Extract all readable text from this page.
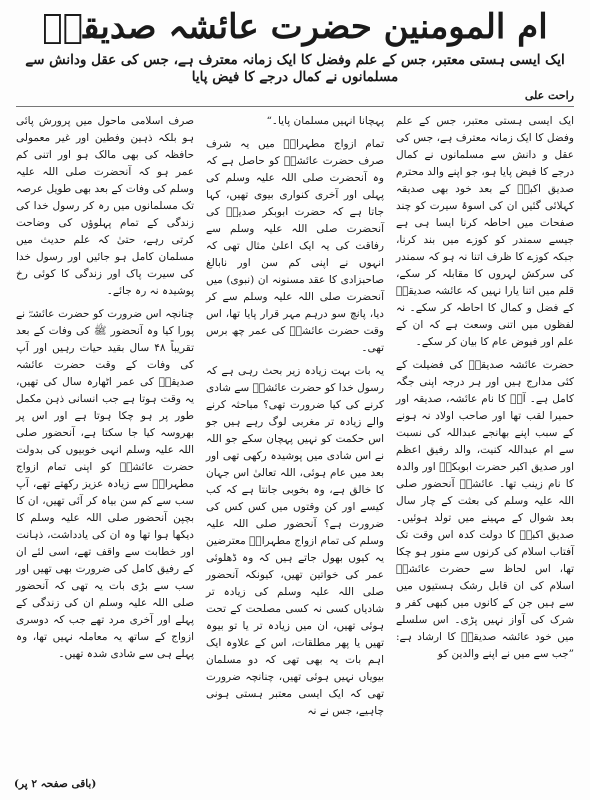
ام المومنین حضرت عائشہ صدیقہؓ
ایک ایسی ہستی معتبر، جس کے علم وفضل کا ایک زمانہ معترف ہے، جس کی عقل ودانش سے مسلمانوں نے کمال درجے کا فیض پایا
راحت علی

ایک ایسی ہستی معتبر، جس کے علم وفضل کا ایک زمانہ معترف ہے، جس کی عقل و دانش سے مسلمانوں نے کمال درجے کا فیض پایا ہو، جو اپنے والد محترم صدیق اکبرؓ کے بعد خود بھی صدیقہ کہلائی گئیں ان کی اسوۂ سیرت کو چند صفحات میں احاطہ کرنا ایسا ہی ہے جیسے سمندر کو کوزے میں بند کرنا، جبکہ کوزے کا ظرف اتنا نہ ہو کہ سمندر کی سرکش لہروں کا مقابلہ کر سکے، قلم میں اتنا یارا نہیں کہ عائشہ صدیقہؓ کے فضل و کمال کا احاطہ کر سکے۔ نہ لفظوں میں اتنی وسعت ہے کہ ان کے علم اور فیوض عام کا بیان کر سکے۔

حضرت عائشہ صدیقہؓ کی فضیلت کے کئی مدارج ہیں اور ہر درجہ اپنی جگہ کامل ہے۔ آپؓ کا نام عائشہ، صدیقہ اور حمیرا لقب تھا اور صاحب اولاد نہ ہونے کے سبب اپنے بھانجے عبداللہ کی نسبت سے ام عبداللہ کنیت، والد رفیق اعظم اور صدیق اکبر حضرت ابوبکرؓ اور والدہ کا نام زینب تھا۔ عائشہؓ آنحضور صلی اللہ علیہ وسلم کی بعثت کے چار سال بعد شوال کے مہینے میں تولد ہوئیں۔ صدیق اکبرؓ کا دولت کدہ اس وقت تک آفتاب اسلام کی کرنوں سے منور ہو چکا تھا، اس لحاظ سے حضرت عائشہؓ اسلام کی ان قابل رشک ہستیوں میں سے ہیں جن کے کانوں میں کبھی کفر و شرک کی آواز نہیں پڑی۔ اس سلسلے میں خود عائشہ صدیقہؓ کا ارشاد ہے: ”جب سے میں نے اپنے والدین کو

پہچانا انہیں مسلمان پایا۔“

تمام ازواج مطہراتؓ میں یہ شرف صرف حضرت عائشہؓ کو حاصل ہے کہ وہ آنحضرت صلی اللہ علیہ وسلم کی پہلی اور آخری کنواری بیوی تھیں، کہا جاتا ہے کہ حضرت ابوبکر صدیقؓ کی آنحضرت صلی اللہ علیہ وسلم سے رفاقت کی یہ ایک اعلیٰ مثال تھی کہ انہوں نے اپنی کم سن اور نابالغ صاحبزادی کا عقد مسنونہ ان (نبوی) میں آنحضرت صلی اللہ علیہ وسلم سے کر دیا، پانچ سو درہم مہر قرار پایا تھا، اس وقت حضرت عائشہؓ کی عمر چھ برس تھی۔

یہ بات بہت زیادہ زیر بحث رہی ہے کہ رسول خدا کو حضرت عائشہؓ سے شادی کرنے کی کیا ضرورت تھی؟ مباحثہ کرنے والے زیادہ تر مغربی لوگ رہے ہیں جو اس حکمت کو نہیں پہچان سکے جو اللہ نے اس شادی میں پوشیدہ رکھی تھی اور بعد میں عام ہوئی، اللہ تعالیٰ اس جہان کا خالق ہے، وہ بخوبی جانتا ہے کہ کب کیسے اور کن وقتوں میں کس کس کی ضرورت ہے؟ آنحضور صلی اللہ علیہ وسلم کی تمام ازواج مطہراتؓ معترضین یہ کیوں بھول جاتے ہیں کہ وہ ڈھلوئی عمر کی خواتین تھیں، کیونکہ آنحضور صلی اللہ علیہ وسلم کی زیادہ تر شادیاں کسی نہ کسی مصلحت کے تحت ہوئی تھیں، ان میں زیادہ تر یا تو بیوہ تھیں یا پھر مطلقات، اس کے علاوہ ایک اہم بات یہ بھی تھی کہ دو مسلمان بیویاں نہیں ہوئی تھیں، چنانچہ ضرورت تھی کہ ایک ایسی معتبر ہستی ہونی چاہیے، جس نے نہ

صرف اسلامی ماحول میں پرورش پائی ہو بلکہ ذہین وفطین اور غیر معمولی حافظہ کی بھی مالک ہو اور اتنی کم عمر ہو کہ آنحضرت صلی اللہ علیہ وسلم کی وفات کے بعد بھی طویل عرصہ تک مسلمانوں میں رہ کر رسول خدا کی زندگی کے تمام پہلوؤں کی وضاحت کرتی رہے، حتیٰ کہ علم حدیث میں مسلمان کامل ہو جائیں اور رسول خدا کی سیرت پاک اور زندگی کا کوئی رخ پوشیدہ نہ رہ جائے۔

چنانچہ اس ضرورت کو حضرت عائشہؓ نے پورا کیا وہ آنحضور ﷺ کی وفات کے بعد تقریباً ۴۸ سال بقید حیات رہیں اور آپ کی وفات کے وقت حضرت عائشہ صدیقہؓ کی عمر اٹھارہ سال کی تھیں، یہ وقت ہوتا ہے جب انسانی ذہن مکمل طور پر ہو چکا ہوتا ہے اور اس پر بھروسہ کیا جا سکتا ہے، آنحضور صلی اللہ علیہ وسلم انہی خوبیوں کی بدولت حضرت عائشہؓ کو اپنی تمام ازواج مطہراتؓ سے زیادہ عزیز رکھتے تھے، آپ سب سے کم سن بیاہ کر آئی تھیں، ان کا بچپن آنحضور صلی اللہ علیہ وسلم کا دیکھا ہوا تھا وہ ان کی یادداشت، ذہانت اور خطابت سے واقف تھے، اسی لئے ان کے رفیق کامل کی ضرورت بھی تھیں اور سب سے بڑی بات یہ تھی کہ آنحضور صلی اللہ علیہ وسلم ان کی زندگی کے پہلے اور آخری مرد تھے جب کہ دوسری ازواج کے ساتھ یہ معاملہ نہیں تھا، وہ پہلے ہی سے شادی شدہ تھیں۔

(باقی صفحہ ۲ پر)
